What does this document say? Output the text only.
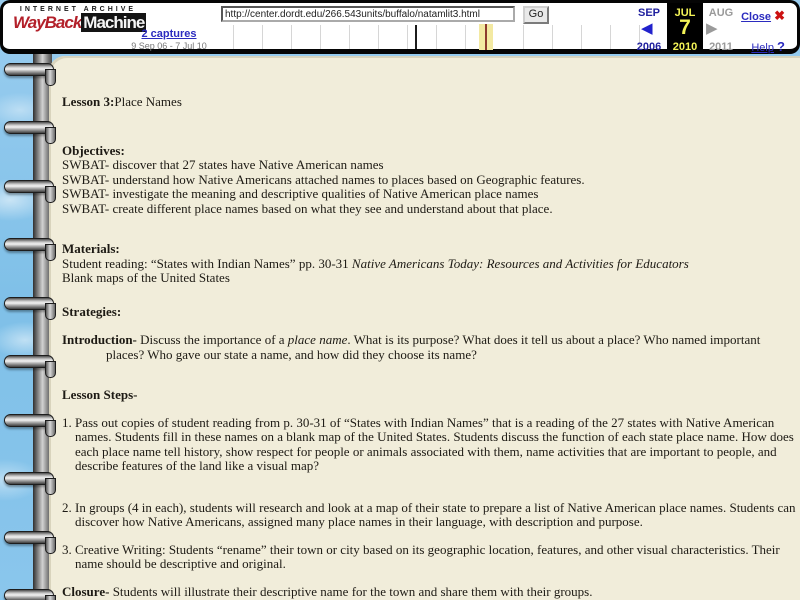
Lesson 3:Place Names

Objectives:
SWBAT- discover that 27 states have Native American names
SWBAT- understand how Native Americans attached names to places based on Geographic features.
SWBAT- investigate the meaning and descriptive qualities of Native American place names
SWBAT- create different place names based on what they see and understand about that place.
Materials:
Student reading: “States with Indian Names” pp. 30-31 Native Americans Today: Resources and Activities for Educators
Blank maps of the United States

Strategies:

Introduction- Discuss the importance of a place name. What is its purpose? What does it tell us about a place? Who named important places? Who gave our state a name, and how did they choose its name?

Lesson Steps-

1. Pass out copies of student reading from p. 30-31 of “States with Indian Names” that is a reading of the 27 states with Native American names. Students fill in these names on a blank map of the United States. Students discuss the function of each state place name. How does each place name tell history, show respect for people or animals associated with them, name activities that are important to people, and describe features of the land like a visual map?

2. In groups (4 in each), students will research and look at a map of their state to prepare a list of Native American place names. Students can discover how Native Americans, assigned many place names in their language, with description and purpose.

3. Creative Writing: Students “rename” their town or city based on its geographic location, features, and other visual characteristics. Their name should be descriptive and original.

Closure- Students will illustrate their descriptive name for the town and share them with their groups.

INTERNET ARCHIVE
WayBack Machine
2 captures
9 Sep 06 - 7 Jul 10
http://center.dordt.edu/266.543units/buffalo/natamlit3.html
Go	SEP	JUL	AUG
◀	7	▶
2006	2010	2011
Close ✖
Help ?
